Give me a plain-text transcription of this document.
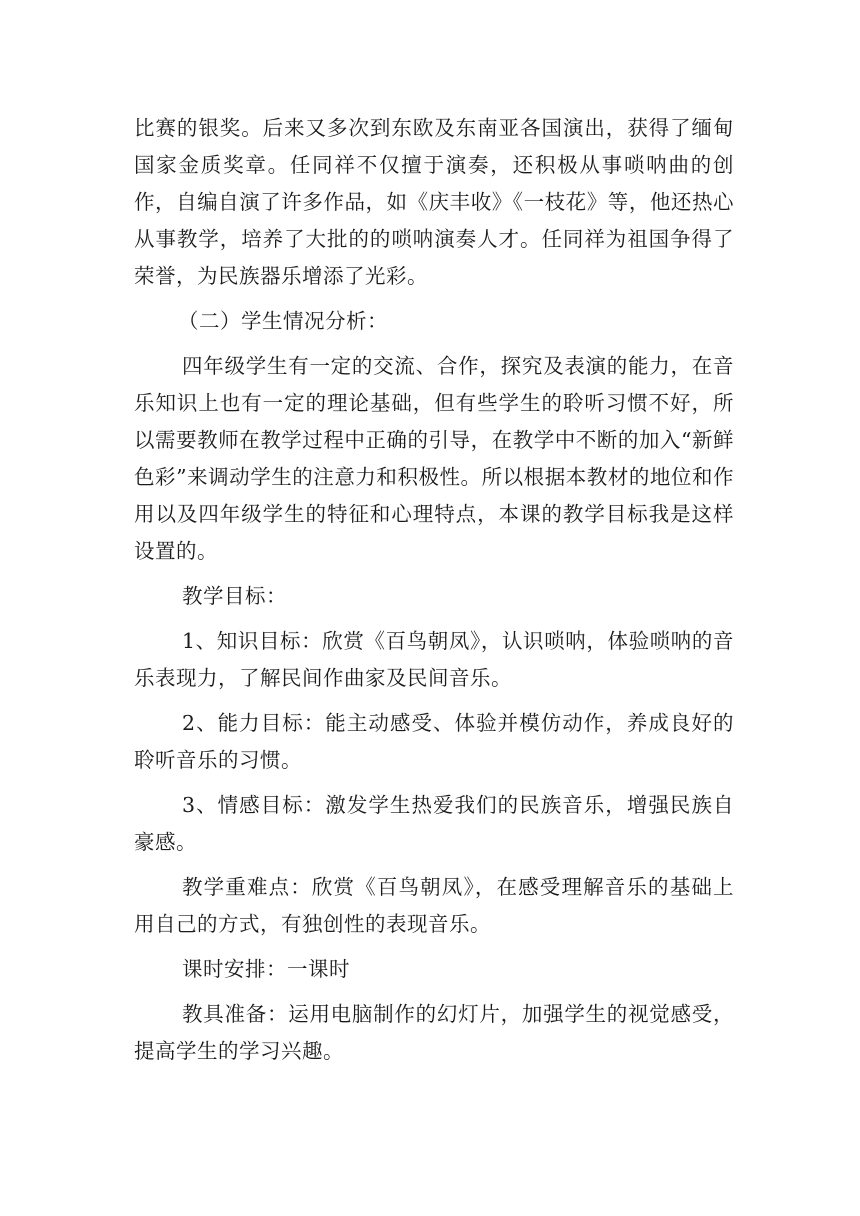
比赛的银奖。后来又多次到东欧及东南亚各国演出，获得了缅甸国家金质奖章。任同祥不仅擅于演奏，还积极从事唢呐曲的创作，自编自演了许多作品，如《庆丰收》《一枝花》等，他还热心从事教学，培养了大批的的唢呐演奏人才。任同祥为祖国争得了荣誉，为民族器乐增添了光彩。

（二）学生情况分析：

四年级学生有一定的交流、合作，探究及表演的能力，在音乐知识上也有一定的理论基础，但有些学生的聆听习惯不好，所以需要教师在教学过程中正确的引导，在教学中不断的加入“新鲜色彩”来调动学生的注意力和积极性。所以根据本教材的地位和作用以及四年级学生的特征和心理特点，本课的教学目标我是这样设置的。

教学目标：

1、知识目标：欣赏《百鸟朝凤》，认识唢呐，体验唢呐的音乐表现力，了解民间作曲家及民间音乐。

2、能力目标：能主动感受、体验并模仿动作，养成良好的聆听音乐的习惯。

3、情感目标：激发学生热爱我们的民族音乐，增强民族自豪感。

教学重难点：欣赏《百鸟朝凤》，在感受理解音乐的基础上用自己的方式，有独创性的表现音乐。

课时安排：一课时

教具准备：运用电脑制作的幻灯片，加强学生的视觉感受，提高学生的学习兴趣。
